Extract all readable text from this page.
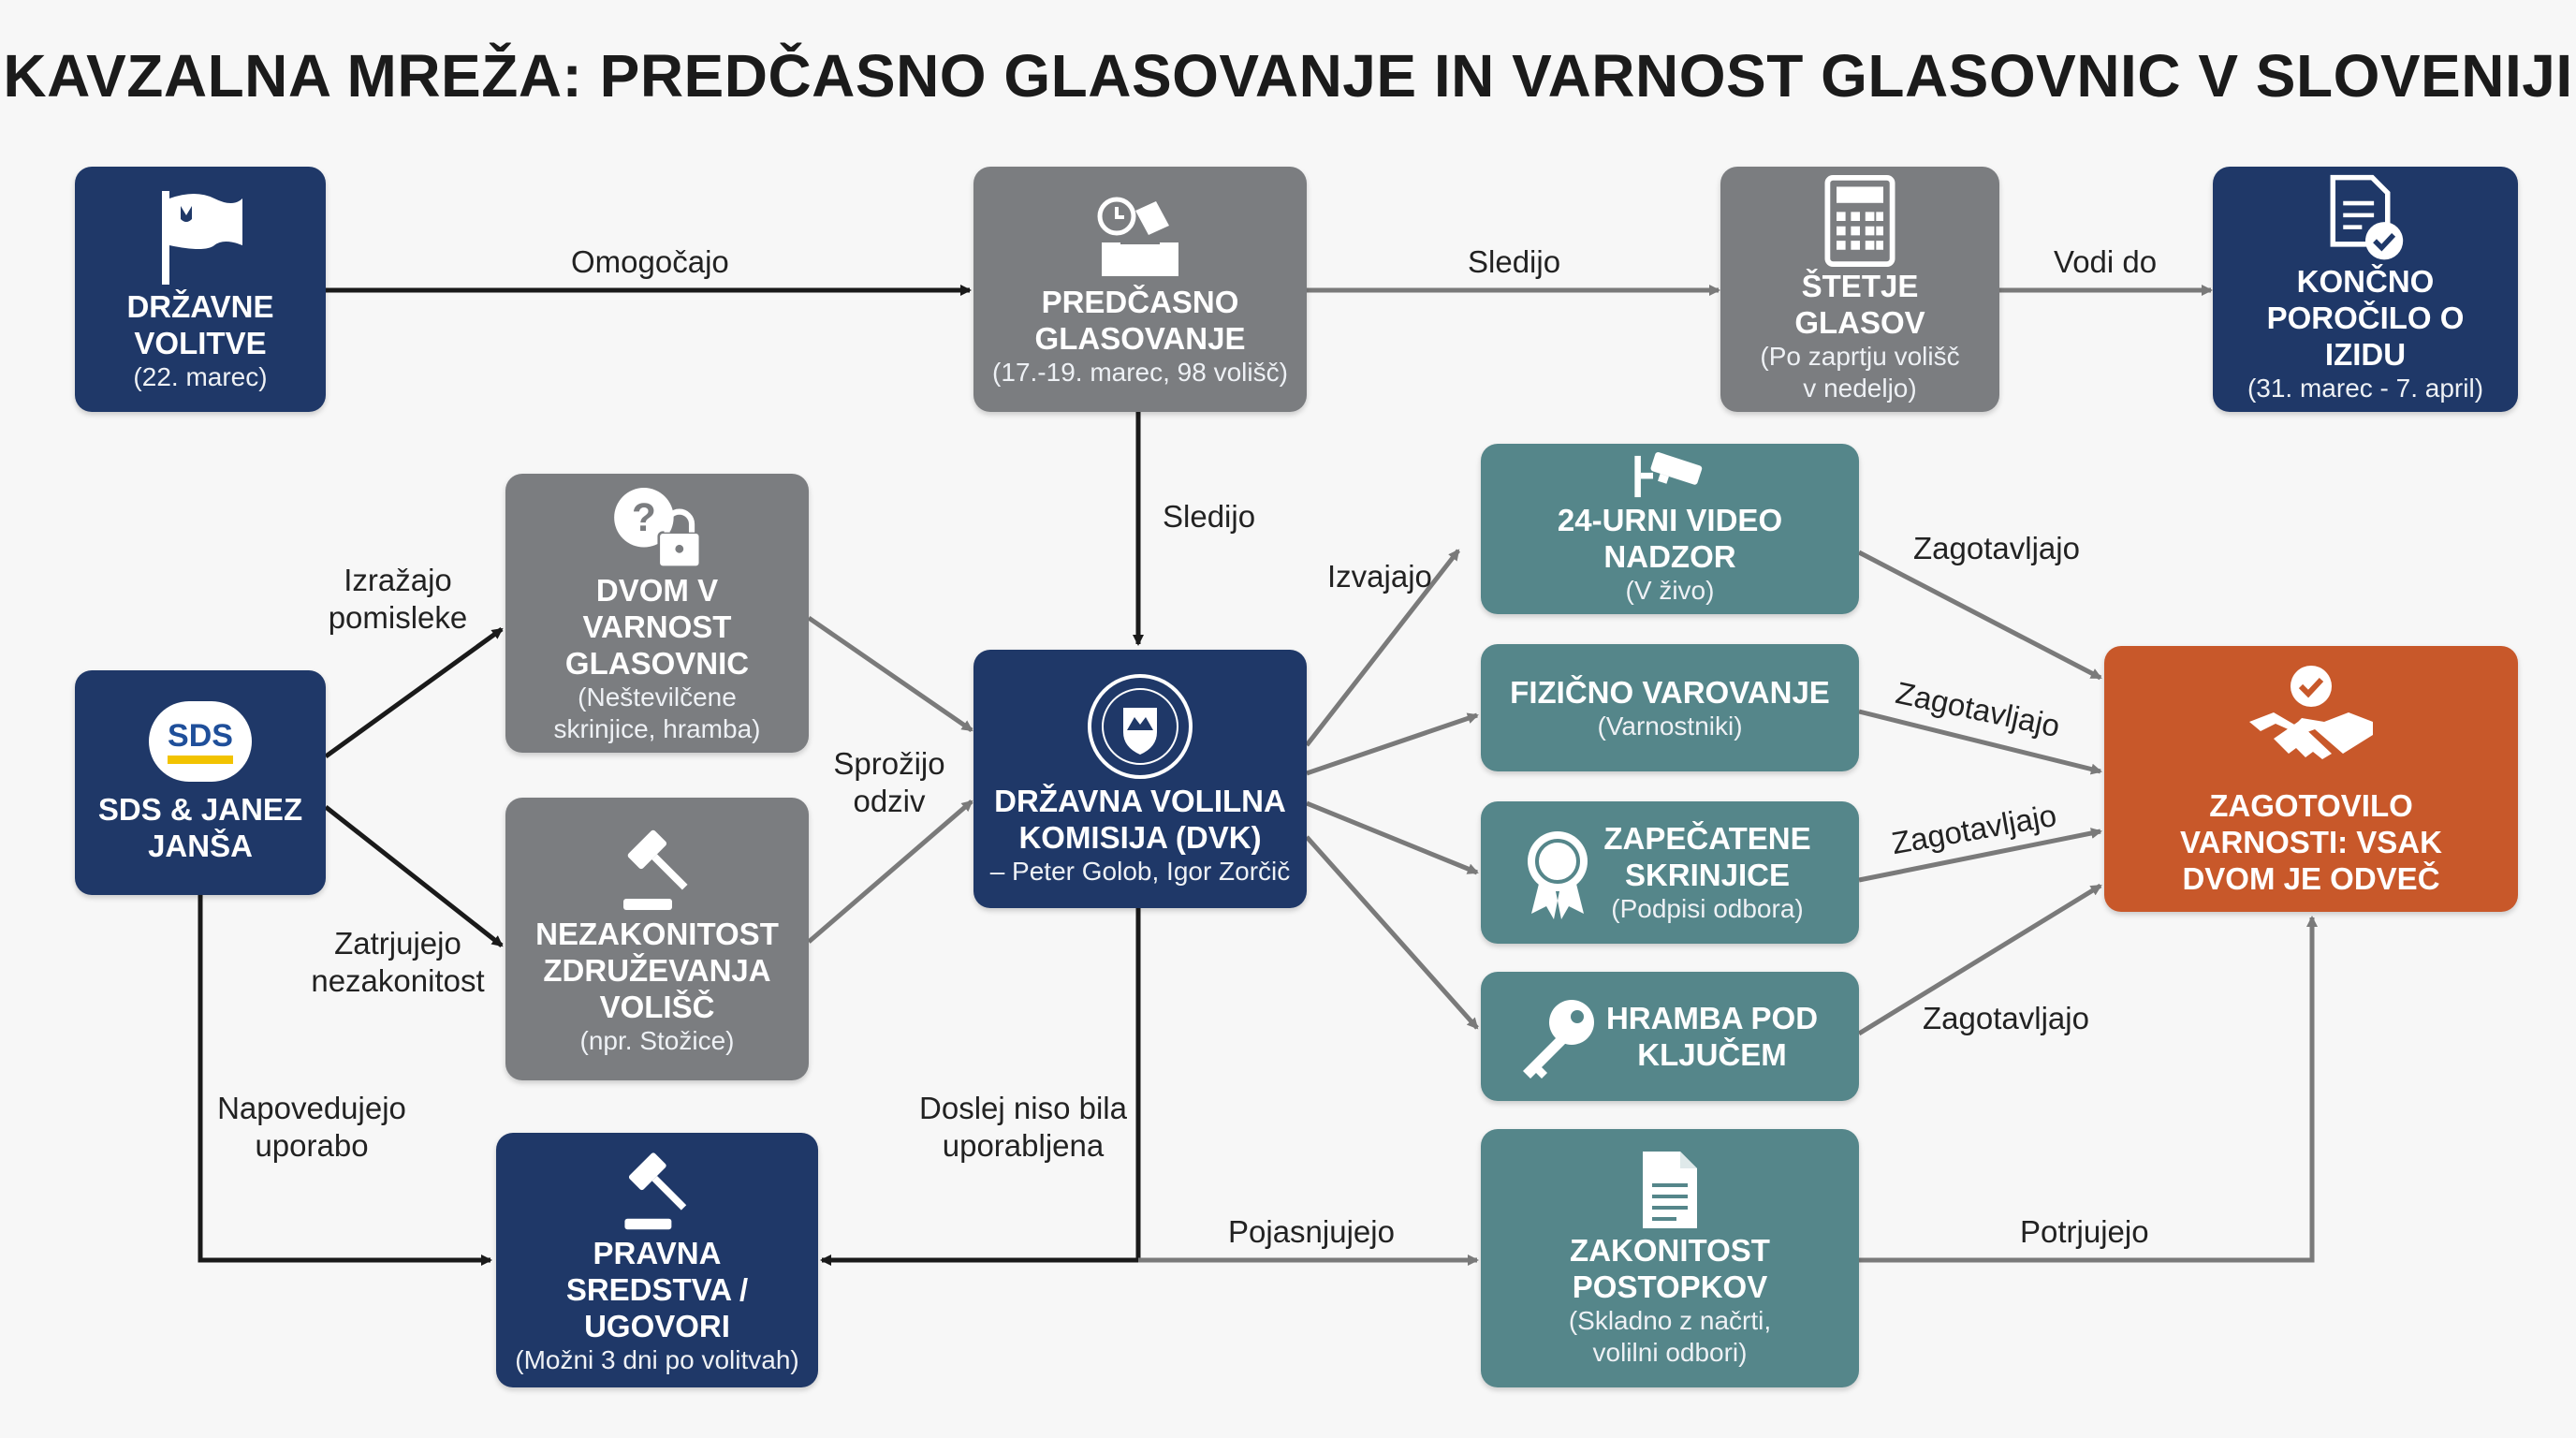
KAVZALNA MREŽA: PREDČASNO GLASOVANJE IN VARNOST GLASOVNIC V SLOVENIJI
Omogočajo	Sledijo	Vodi do
Sledijo
Izražajo pomisleke
Zatrjujejo nezakonitost
Napovedujejo uporabo
Sprožijo odziv
Izvajajo
Doslej niso bila uporabljena
Pojasnjujejo
Zagotavljajo
Zagotavljajo
Zagotavljajo
Zagotavljajo
Potrjujejo
DRŽAVNE VOLITVE
(22. marec)
PREDČASNO GLASOVANJE
(17.-19. marec, 98 volišč)
ŠTETJE GLASOV
(Po zaprtju volišč v nedeljo)
KONČNO POROČILO O IZIDU
(31. marec - 7. april)
SDS
SDS & JANEZ JANŠA
?
DVOM V VARNOST GLASOVNIC
(Neštevilčene skrinjice, hramba)
NEZAKONITOST ZDRUŽEVANJA VOLIŠČ
(npr. Stožice)
DRŽAVNA VOLILNA KOMISIJA (DVK)
– Peter Golob, Igor Zorčič
PRAVNA SREDSTVA / UGOVORI
(Možni 3 dni po volitvah)
24-URNI VIDEO NADZOR
(V živo)
FIZIČNO VAROVANJE
(Varnostniki)
ZAPEČATENE SKRINJICE
(Podpisi odbora)
HRAMBA POD KLJUČEM
ZAKONITOST POSTOPKOV
(Skladno z načrti, volilni odbori)
ZAGOTOVILO VARNOSTI: VSAK DVOM JE ODVEČ
